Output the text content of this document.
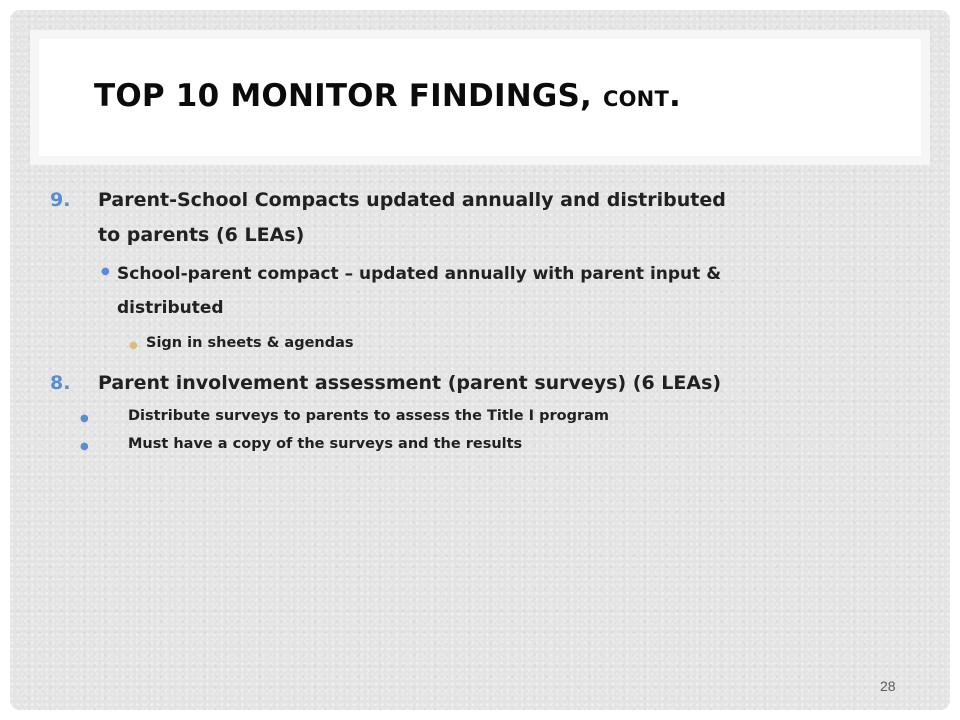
TOP 10 MONITOR FINDINGS, CONT.
9. Parent-School Compacts updated annually and distributed
to parents (6 LEAs)
● School-parent compact – updated annually with parent input &
distributed
● Sign in sheets & agendas
8. Parent involvement assessment (parent surveys) (6 LEAs)
●	Distribute surveys to parents to assess the Title I program
●	Must have a copy of the surveys and the results
28
